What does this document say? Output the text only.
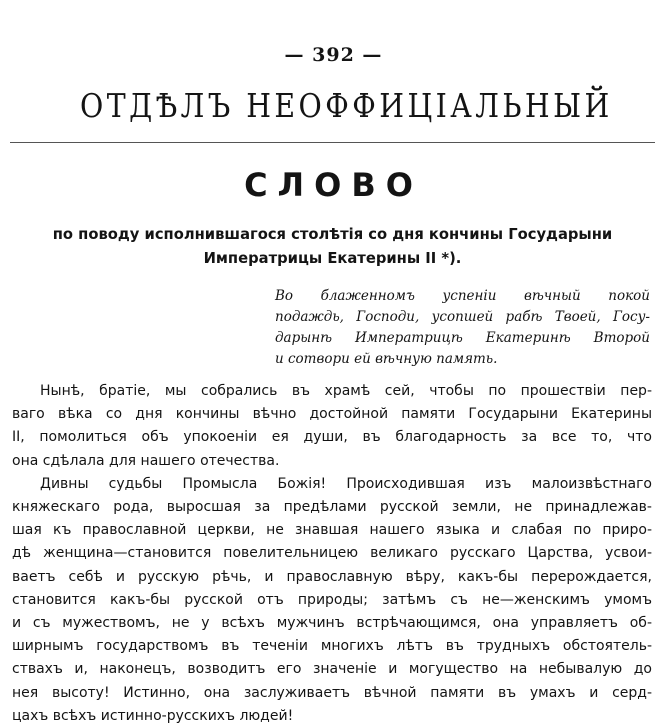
— 392 —
ОТДѢЛЪ НЕОФФИЦІАЛЬНЫЙ
СЛОВО
по поводу исполнившагося столѣтія со дня кончины Государыни
Императрицы Екатерины II *).
Во блаженномъ успеніи вѣчный покой
подаждь, Господи, усопшей рабѣ Твоей, Госу-
дарынѣ Императрицѣ Екатеринѣ Второй
и сотвори ей вѣчную память.
Нынѣ, братіе, мы собрались въ храмѣ сей, чтобы по прошествіи пер-
ваго вѣка со дня кончины вѣчно достойной памяти Государыни Екатерины
II, помолиться объ упокоеніи ея души, въ благодарность за все то, что
она сдѣлала для нашего отечества.
Дивны судьбы Промысла Божія! Происходившая изъ малоизвѣстнаго
княжескаго рода, выросшая за предѣлами русской земли, не принадлежав-
шая къ православной церкви, не знавшая нашего языка и слабая по приро-
дѣ женщина—становится повелительницею великаго русскаго Царства, усвои-
ваетъ себѣ и русскую рѣчь, и православную вѣру, какъ-бы перерождается,
становится какъ-бы русской отъ природы; затѣмъ съ не—женскимъ умомъ
и съ мужествомъ, не у всѣхъ мужчинъ встрѣчающимся, она управляетъ об-
ширнымъ государствомъ въ теченіи многихъ лѣтъ въ трудныхъ обстоятель-
ствахъ и, наконецъ, возводитъ его значеніе и могущество на небывалую до
нея высоту! Истинно, она заслуживаетъ вѣчной памяти въ умахъ и серд-
цахъ всѣхъ истинно-русскихъ людей!
